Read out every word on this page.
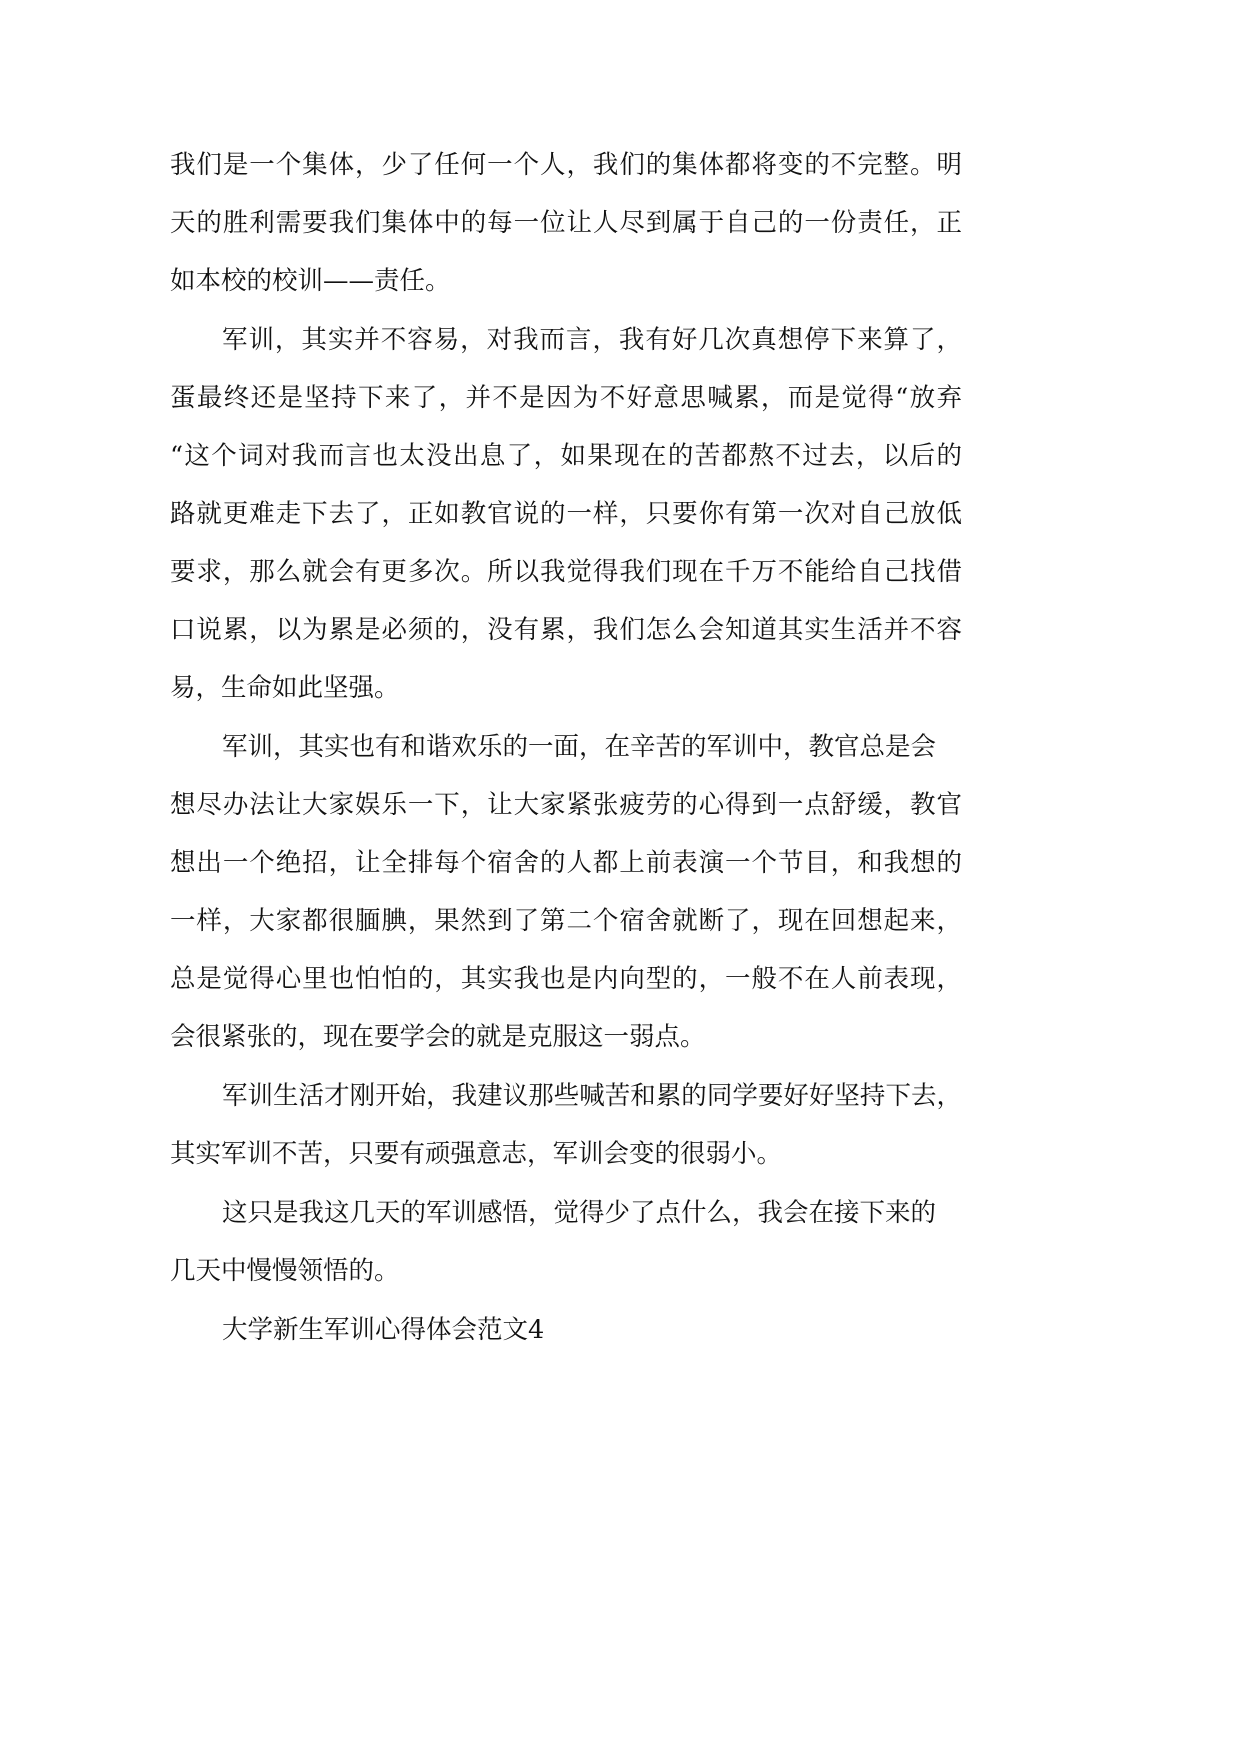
我们是一个集体，少了任何一个人，我们的集体都将变的不完整。明
天的胜利需要我们集体中的每一位让人尽到属于自己的一份责任，正
如本校的校训——责任。
军训，其实并不容易，对我而言，我有好几次真想停下来算了，
蛋最终还是坚持下来了，并不是因为不好意思喊累，而是觉得“放弃
“这个词对我而言也太没出息了，如果现在的苦都熬不过去，以后的
路就更难走下去了，正如教官说的一样，只要你有第一次对自己放低
要求，那么就会有更多次。所以我觉得我们现在千万不能给自己找借
口说累，以为累是必须的，没有累，我们怎么会知道其实生活并不容
易，生命如此坚强。
军训，其实也有和谐欢乐的一面，在辛苦的军训中，教官总是会
想尽办法让大家娱乐一下，让大家紧张疲劳的心得到一点舒缓，教官
想出一个绝招，让全排每个宿舍的人都上前表演一个节目，和我想的
一样，大家都很腼腆，果然到了第二个宿舍就断了，现在回想起来，
总是觉得心里也怕怕的，其实我也是内向型的，一般不在人前表现，
会很紧张的，现在要学会的就是克服这一弱点。
军训生活才刚开始，我建议那些喊苦和累的同学要好好坚持下去，
其实军训不苦，只要有顽强意志，军训会变的很弱小。
这只是我这几天的军训感悟，觉得少了点什么，我会在接下来的
几天中慢慢领悟的。
大学新生军训心得体会范文4
